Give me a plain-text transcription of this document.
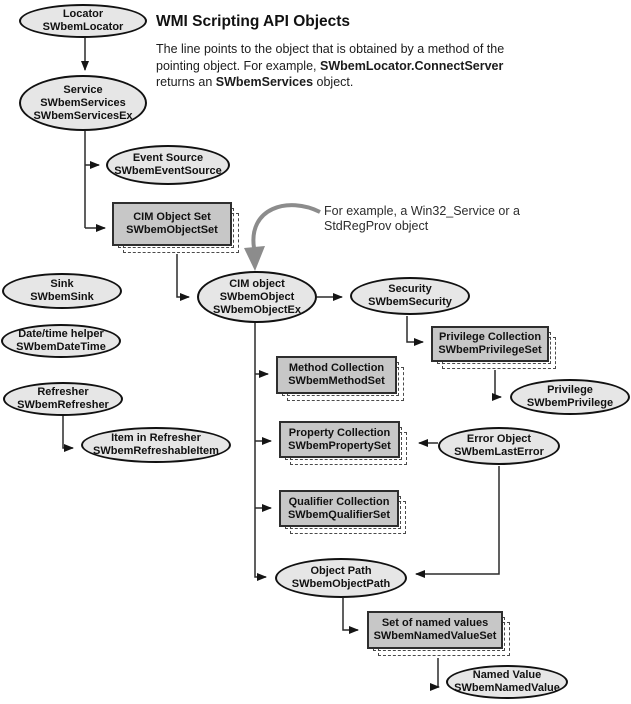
WMI Scripting API Objects
The line points to the object that is obtained by a method of the
pointing object. For example, SWbemLocator.ConnectServer
returns an SWbemServices object.
For example, a Win32_Service or a
StdRegProv object
Locator
SWbemLocator
Service
SWbemServices
SWbemServicesEx
Event Source
SWbemEventSource
CIM Object Set
SWbemObjectSet
Sink
SWbemSink
Date/time helper
SWbemDateTime
Refresher
SWbemRefresher
Item in Refresher
SWbemRefreshableItem
CIM object
SWbemObject
SWbemObjectEx
Security
SWbemSecurity
Privilege Collection
SWbemPrivilegeSet
Method Collection
SWbemMethodSet
Privilege
SWbemPrivilege
Property Collection
SWbemPropertySet
Error Object
SWbemLastError
Qualifier Collection
SWbemQualifierSet
Object Path
SWbemObjectPath
Set of named values
SWbemNamedValueSet
Named Value
SWbemNamedValue
